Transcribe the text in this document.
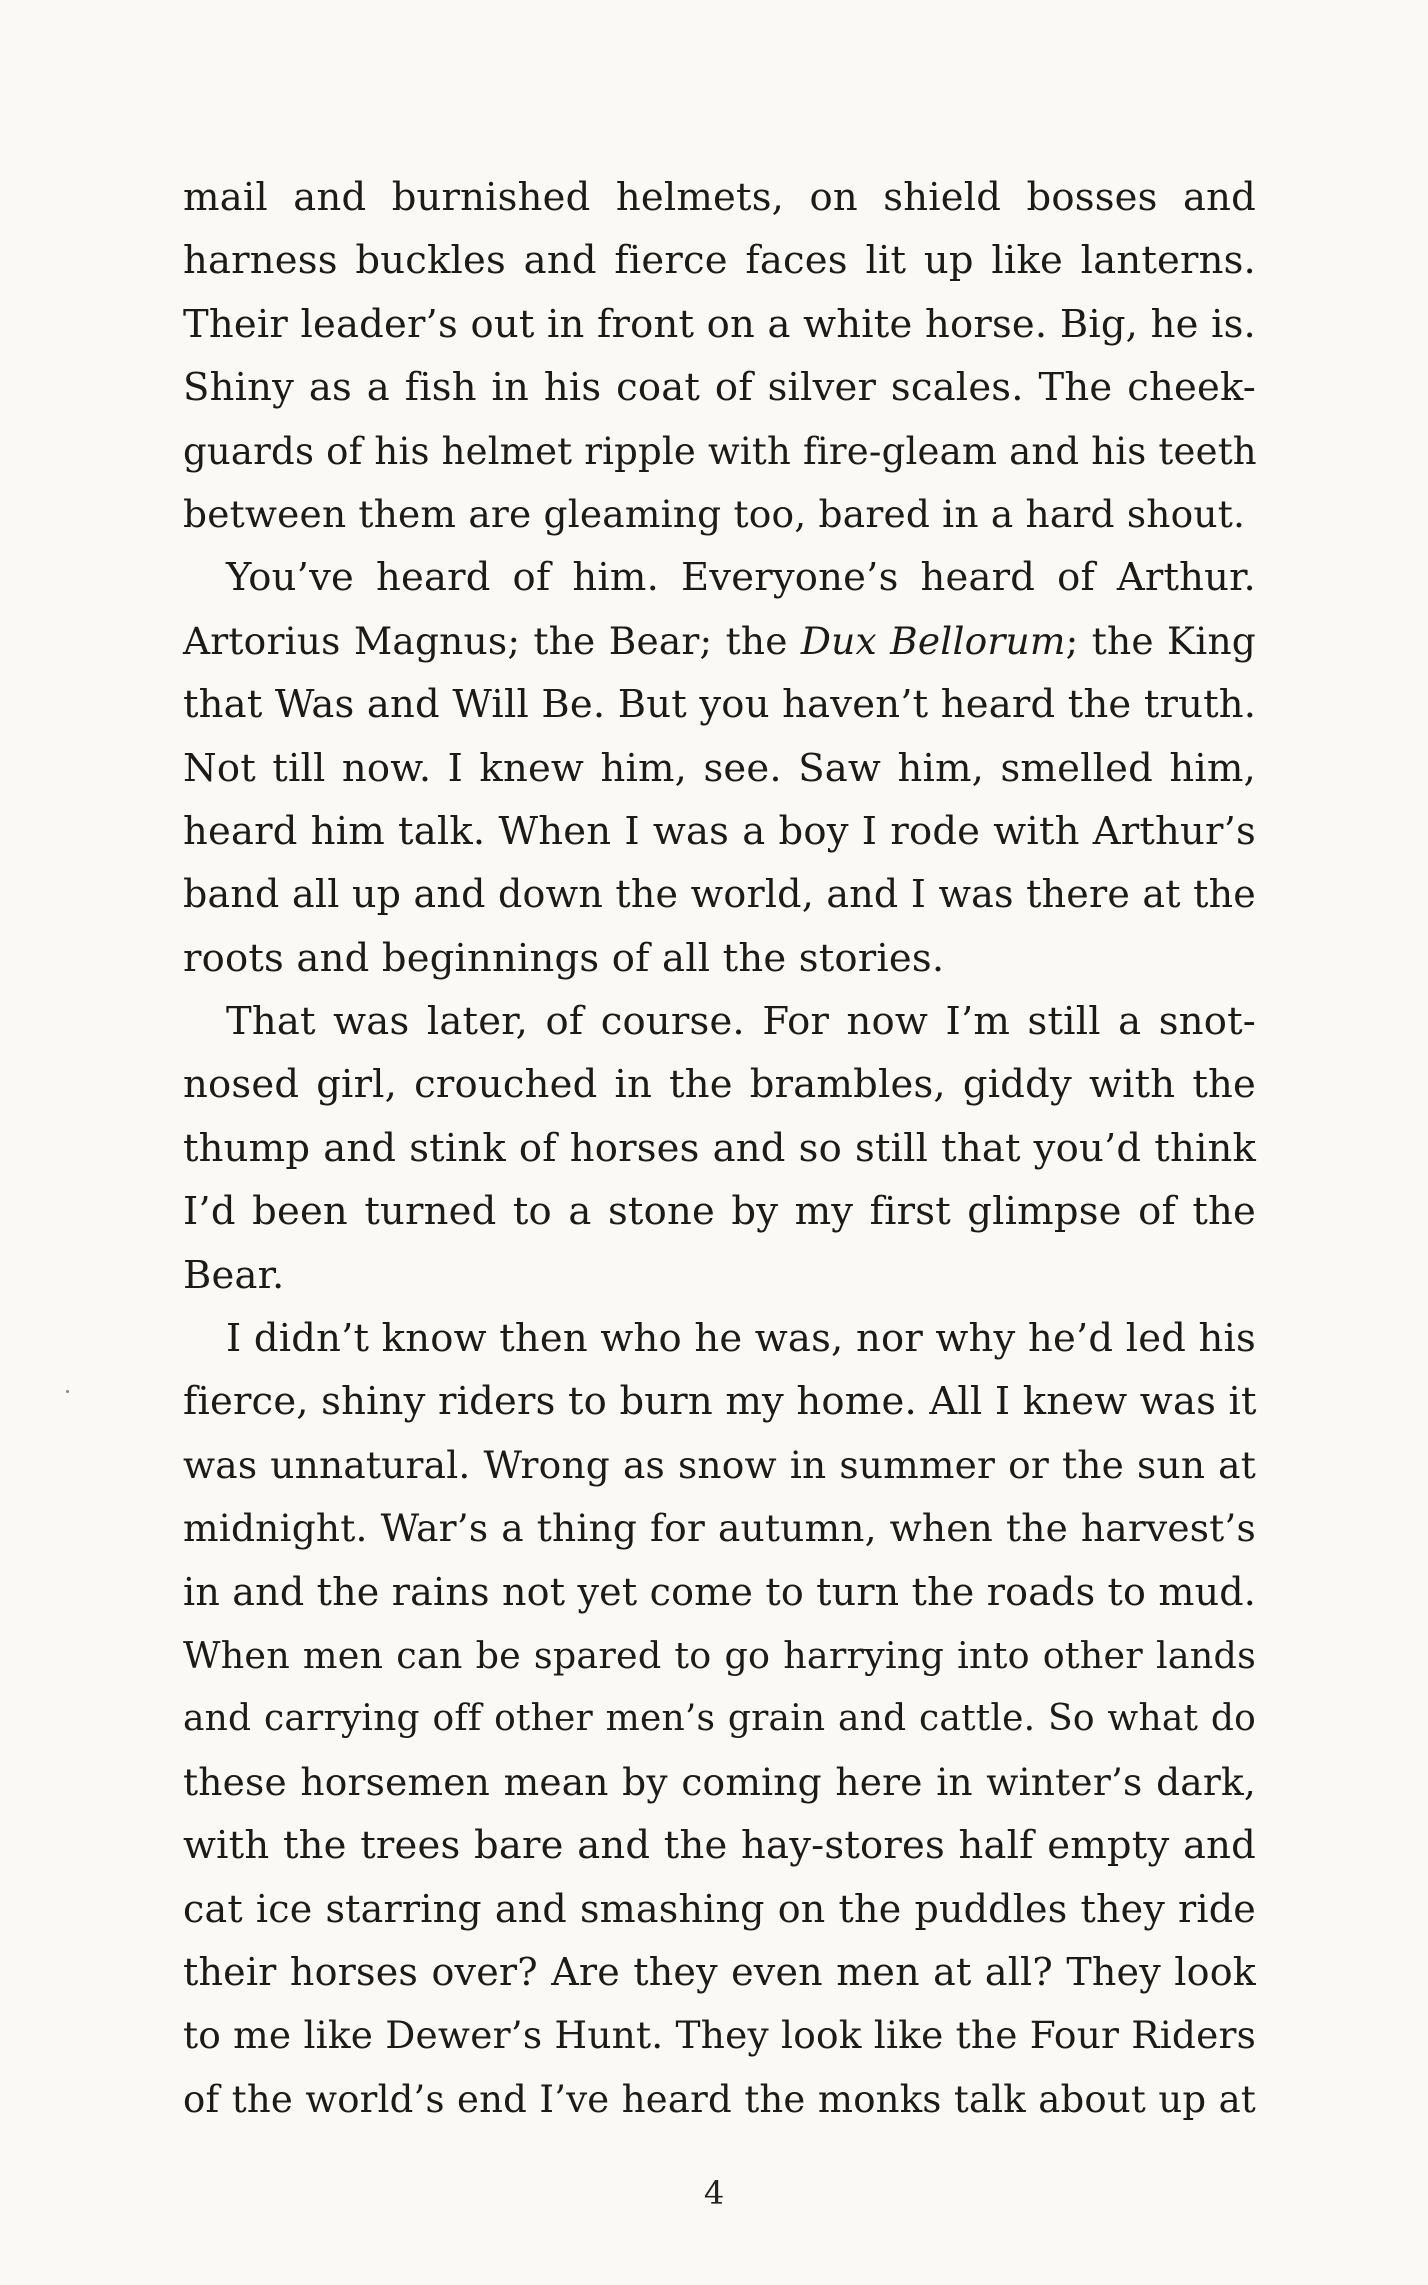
mail and burnished helmets, on shield bosses and
harness buckles and fierce faces lit up like lanterns.
Their leader’s out in front on a white horse. Big, he is.
Shiny as a fish in his coat of silver scales. The cheek-
guards of his helmet ripple with fire-gleam and his teeth
between them are gleaming too, bared in a hard shout.
You’ve heard of him. Everyone’s heard of Arthur.
Artorius Magnus; the Bear; the Dux Bellorum; the King
that Was and Will Be. But you haven’t heard the truth.
Not till now. I knew him, see. Saw him, smelled him,
heard him talk. When I was a boy I rode with Arthur’s
band all up and down the world, and I was there at the
roots and beginnings of all the stories.
That was later, of course. For now I’m still a snot-
nosed girl, crouched in the brambles, giddy with the
thump and stink of horses and so still that you’d think
I’d been turned to a stone by my first glimpse of the
Bear.
I didn’t know then who he was, nor why he’d led his
fierce, shiny riders to burn my home. All I knew was it
was unnatural. Wrong as snow in summer or the sun at
midnight. War’s a thing for autumn, when the harvest’s
in and the rains not yet come to turn the roads to mud.
When men can be spared to go harrying into other lands
and carrying off other men’s grain and cattle. So what do
these horsemen mean by coming here in winter’s dark,
with the trees bare and the hay-stores half empty and
cat ice starring and smashing on the puddles they ride
their horses over? Are they even men at all? They look
to me like Dewer’s Hunt. They look like the Four Riders
of the world’s end I’ve heard the monks talk about up at
4
